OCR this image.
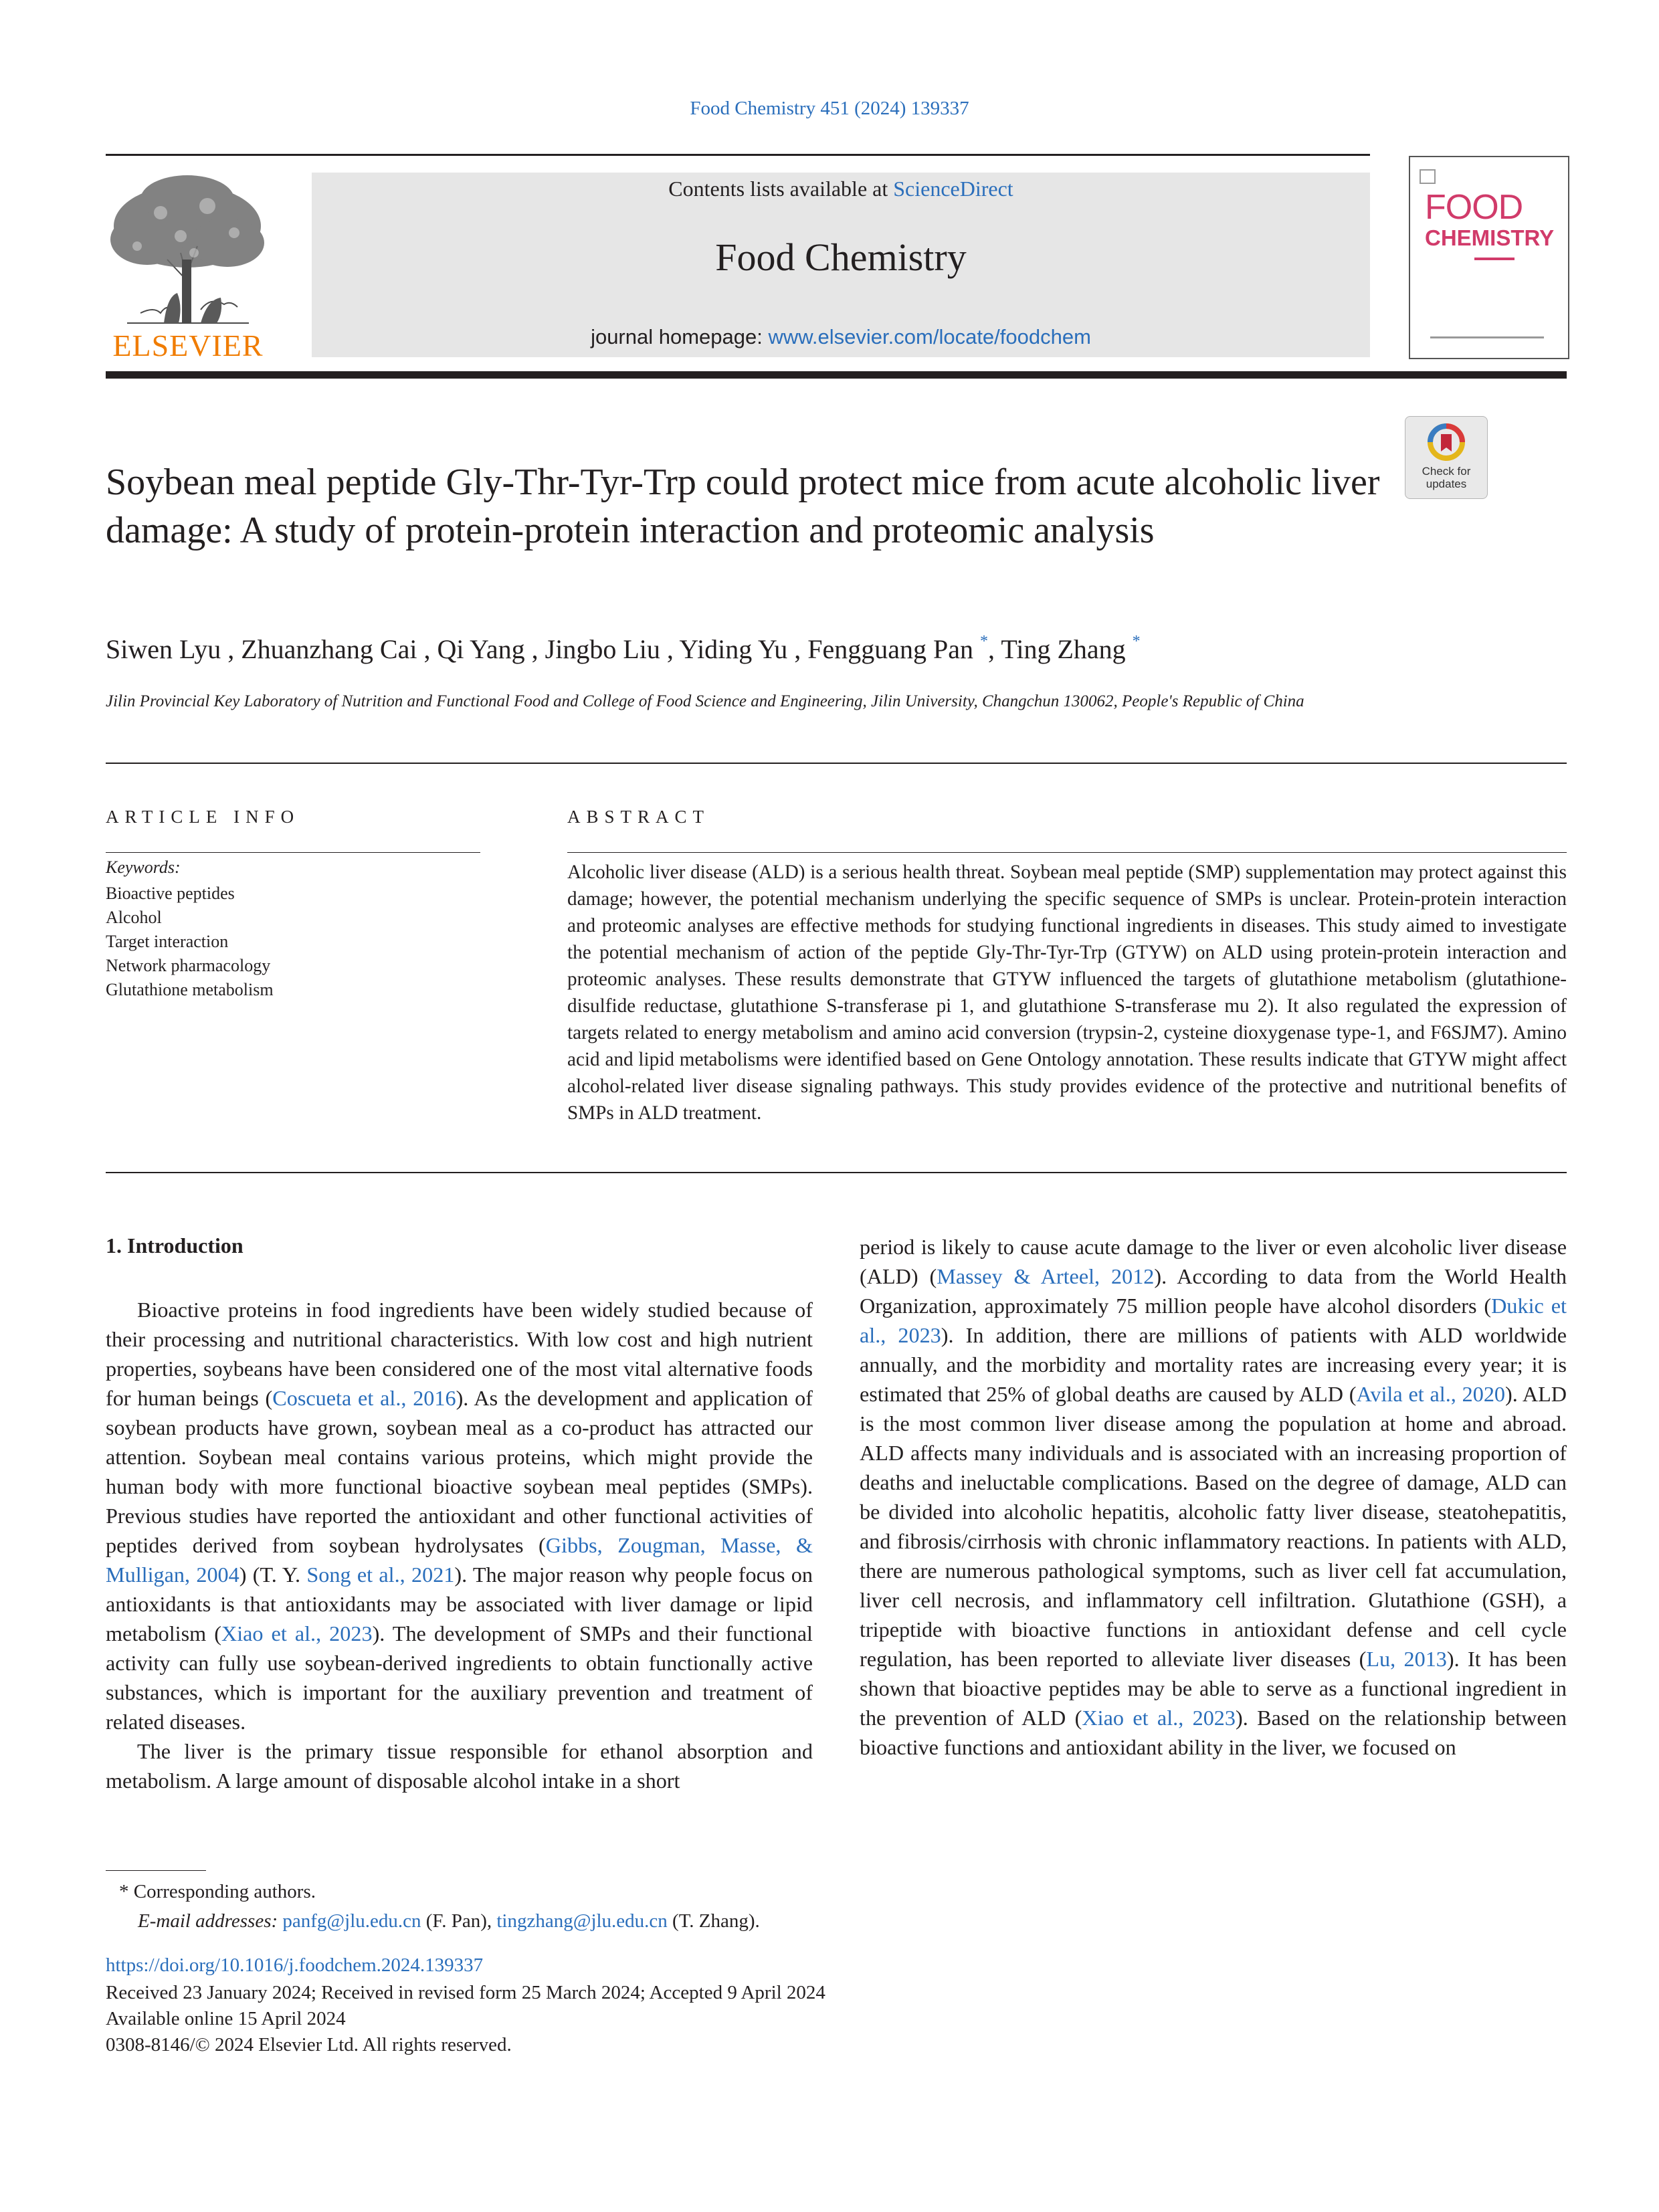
Food Chemistry 451 (2024) 139337
ELSEVIER
Contents lists available at ScienceDirect
Food Chemistry
journal homepage: www.elsevier.com/locate/foodchem
FOOD
CHEMISTRY
Check for updates
Soybean meal peptide Gly-Thr-Tyr-Trp could protect mice from acute alcoholic liver damage: A study of protein-protein interaction and proteomic analysis
Siwen Lyu , Zhuanzhang Cai , Qi Yang , Jingbo Liu , Yiding Yu , Fengguang Pan *, Ting Zhang *
Jilin Provincial Key Laboratory of Nutrition and Functional Food and College of Food Science and Engineering, Jilin University, Changchun 130062, People's Republic of China
ARTICLE INFO
Keywords:
Bioactive peptides
Alcohol
Target interaction
Network pharmacology
Glutathione metabolism
ABSTRACT
Alcoholic liver disease (ALD) is a serious health threat. Soybean meal peptide (SMP) supplementation may protect against this damage; however, the potential mechanism underlying the specific sequence of SMPs is unclear. Protein-protein interaction and proteomic analyses are effective methods for studying functional ingredients in diseases. This study aimed to investigate the potential mechanism of action of the peptide Gly-Thr-Tyr-Trp (GTYW) on ALD using protein-protein interaction and proteomic analyses. These results demonstrate that GTYW influenced the targets of glutathione metabolism (glutathione-disulfide reductase, glutathione S-transferase pi 1, and glutathione S-transferase mu 2). It also regulated the expression of targets related to energy metabolism and amino acid conversion (trypsin-2, cysteine dioxygenase type-1, and F6SJM7). Amino acid and lipid metabolisms were identified based on Gene Ontology annotation. These results indicate that GTYW might affect alcohol-related liver disease signaling pathways. This study provides evidence of the protective and nutritional benefits of SMPs in ALD treatment.
1. Introduction

Bioactive proteins in food ingredients have been widely studied because of their processing and nutritional characteristics. With low cost and high nutrient properties, soybeans have been considered one of the most vital alternative foods for human beings (Coscueta et al., 2016). As the development and application of soybean products have grown, soybean meal as a co-product has attracted our attention. Soybean meal contains various proteins, which might provide the human body with more functional bioactive soybean meal peptides (SMPs). Previous studies have reported the antioxidant and other functional activities of peptides derived from soybean hydrolysates (Gibbs, Zougman, Masse, & Mulligan, 2004) (T. Y. Song et al., 2021). The major reason why people focus on antioxidants is that antioxidants may be associated with liver damage or lipid metabolism (Xiao et al., 2023). The development of SMPs and their functional activity can fully use soybean-derived ingredients to obtain functionally active substances, which is important for the auxiliary prevention and treatment of related diseases.

The liver is the primary tissue responsible for ethanol absorption and metabolism. A large amount of disposable alcohol intake in a short

period is likely to cause acute damage to the liver or even alcoholic liver disease (ALD) (Massey & Arteel, 2012). According to data from the World Health Organization, approximately 75 million people have alcohol disorders (Dukic et al., 2023). In addition, there are millions of patients with ALD worldwide annually, and the morbidity and mortality rates are increasing every year; it is estimated that 25% of global deaths are caused by ALD (Avila et al., 2020). ALD is the most common liver disease among the population at home and abroad. ALD affects many individuals and is associated with an increasing proportion of deaths and ineluctable complications. Based on the degree of damage, ALD can be divided into alcoholic hepatitis, alcoholic fatty liver disease, steatohepatitis, and fibrosis/cirrhosis with chronic inflammatory reactions. In patients with ALD, there are numerous pathological symptoms, such as liver cell fat accumulation, liver cell necrosis, and inflammatory cell infiltration. Glutathione (GSH), a tripeptide with bioactive functions in antioxidant defense and cell cycle regulation, has been reported to alleviate liver diseases (Lu, 2013). It has been shown that bioactive peptides may be able to serve as a functional ingredient in the prevention of ALD (Xiao et al., 2023). Based on the relationship between bioactive functions and antioxidant ability in the liver, we focused on

* Corresponding authors.
E-mail addresses: panfg@jlu.edu.cn (F. Pan), tingzhang@jlu.edu.cn (T. Zhang).
https://doi.org/10.1016/j.foodchem.2024.139337
Received 23 January 2024; Received in revised form 25 March 2024; Accepted 9 April 2024
Available online 15 April 2024
0308-8146/© 2024 Elsevier Ltd. All rights reserved.
